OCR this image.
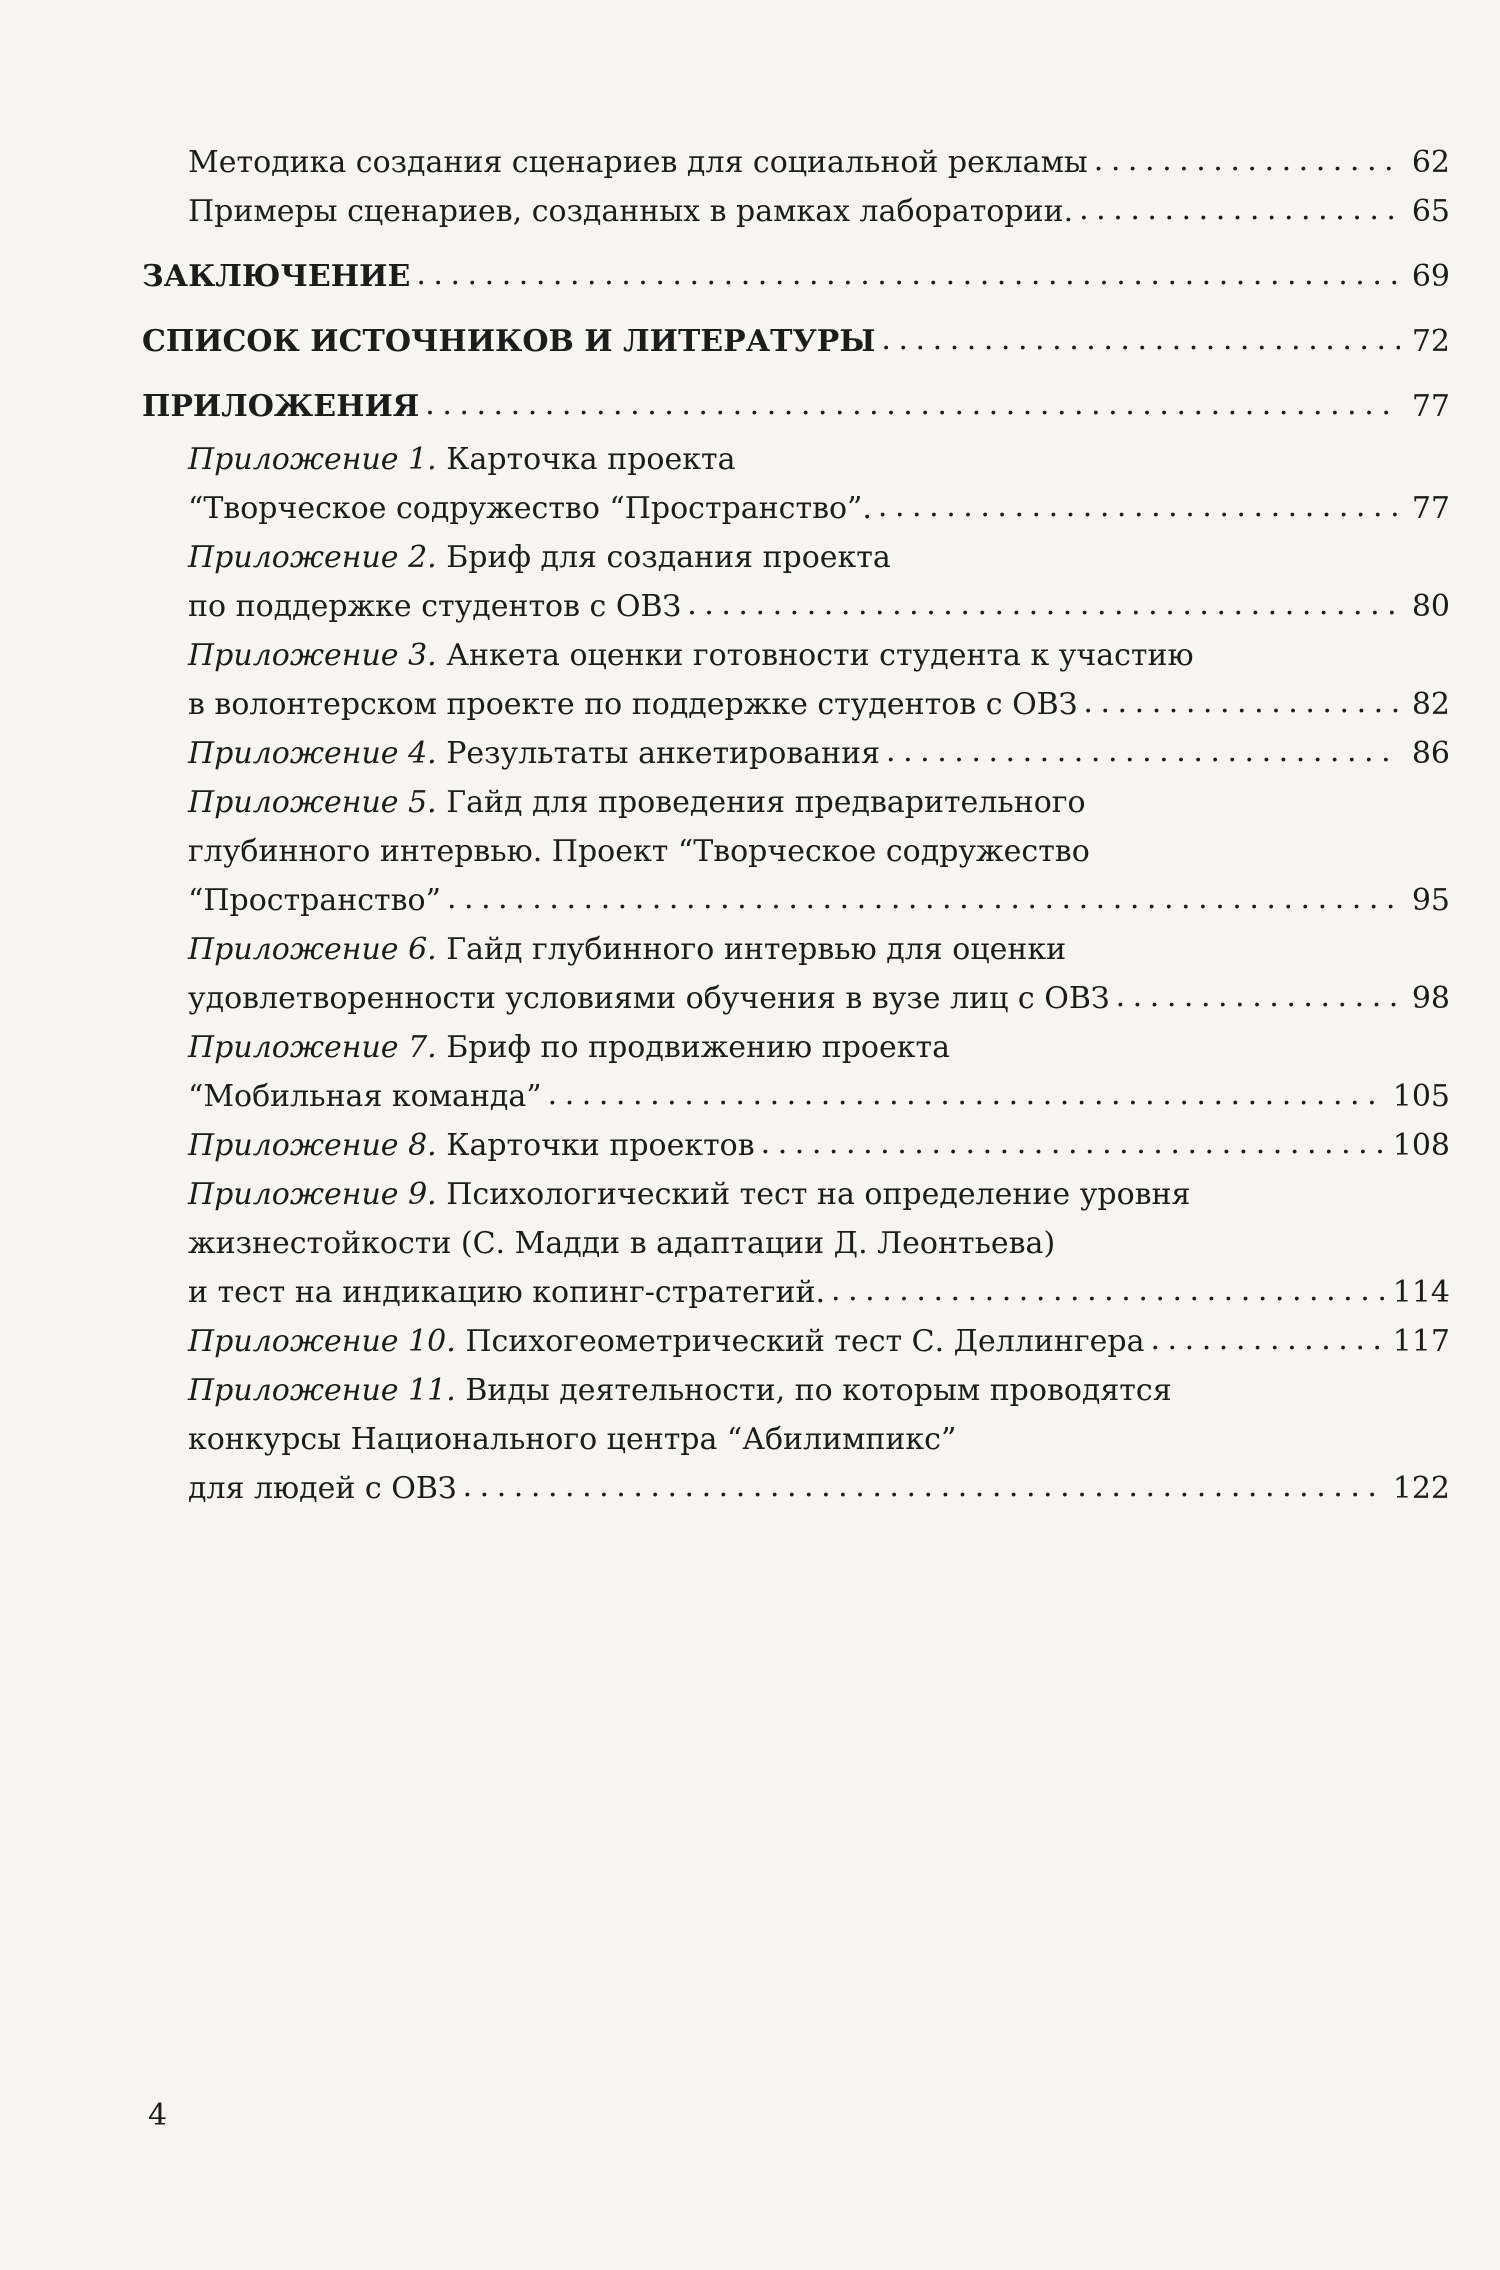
Методика создания сценариев для социальной рекламы . . .	62
Примеры сценариев, созданных в рамках лаборатории. . . .	65
ЗАКЛЮЧЕНИЕ . . .	69
СПИСОК ИСТОЧНИКОВ И ЛИТЕРАТУРЫ . . .	72
ПРИЛОЖЕНИЯ . . .	77
Приложение 1. Карточка проекта
“Творческое содружество “Пространство”. . . .	77
Приложение 2. Бриф для создания проекта
по поддержке студентов с ОВЗ . . .	80
Приложение 3. Анкета оценки готовности студента к участию
в волонтерском проекте по поддержке студентов с ОВЗ . . .	82
Приложение 4. Результаты анкетирования . . .	86
Приложение 5. Гайд для проведения предварительного
глубинного интервью. Проект “Творческое содружество
“Пространство” . . .	95
Приложение 6. Гайд глубинного интервью для оценки
удовлетворенности условиями обучения в вузе лиц с ОВЗ . . .	98
Приложение 7. Бриф по продвижению проекта
“Мобильная команда” . . .	105
Приложение 8. Карточки проектов . . .	108
Приложение 9. Психологический тест на определение уровня
жизнестойкости (С. Мадди в адаптации Д. Леонтьева)
и тест на индикацию копинг-стратегий. . . .	114
Приложение 10. Психогеометрический тест С. Деллингера . . .	117
Приложение 11. Виды деятельности, по которым проводятся
конкурсы Национального центра “Абилимпикс”
для людей с ОВЗ . . .	122
4
